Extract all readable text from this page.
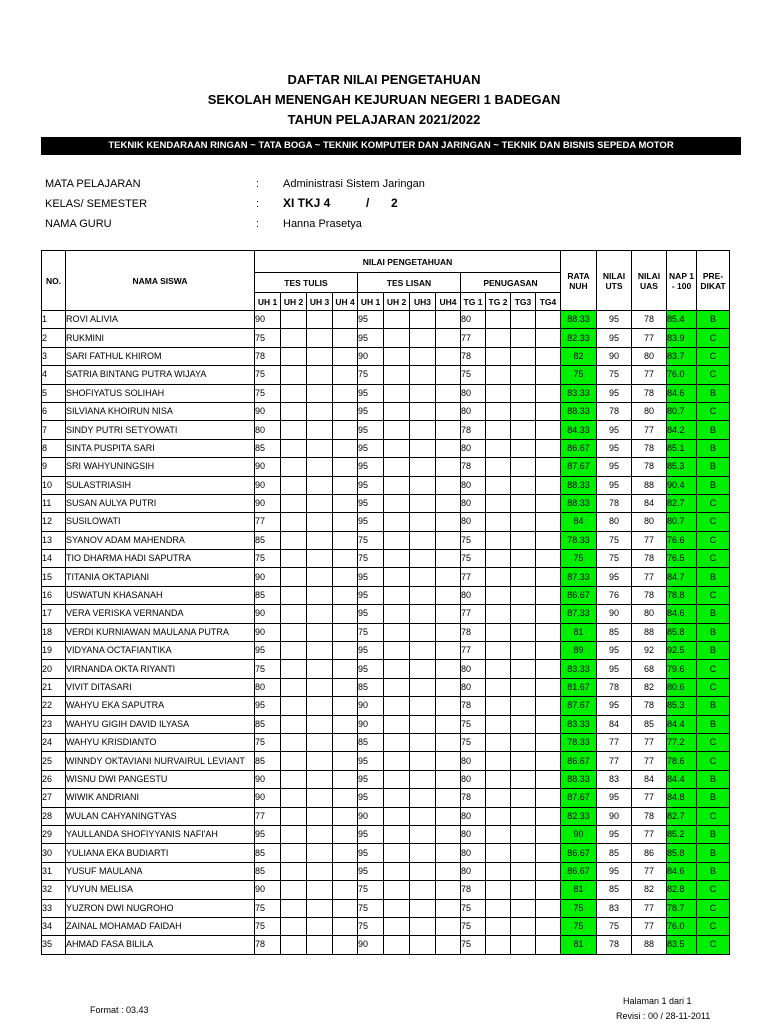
DAFTAR NILAI PENGETAHUAN
SEKOLAH MENENGAH KEJURUAN NEGERI 1 BADEGAN
TAHUN PELAJARAN 2021/2022
TEKNIK KENDARAAN RINGAN ~ TATA BOGA ~ TEKNIK KOMPUTER DAN JARINGAN ~ TEKNIK DAN BISNIS SEPEDA MOTOR
MATA PELAJARAN	: Administrasi Sistem Jaringan
KELAS/ SEMESTER	: XI TKJ 4	/ 2
NAMA GURU	: Hanna Prasetya
NO.	NAMA SISWA	NILAI PENGETAHUAN												RATA NUH	NILAI UTS	NILAI UAS	NAP 1 - 100	PRE- DIKAT
		TES TULIS				TES LISAN				PENUGASAN								
		UH 1	UH 2	UH 3	UH 4	UH 1	UH 2	UH3	UH4	TG 1	TG 2	TG3	TG4					
1	ROVI ALIVIA	90				95				80				88.33	95	78	85.4	B
2	RUKMINI	75				95				77				82.33	95	77	83.9	C
3	SARI FATHUL KHIROM	78				90				78				82	90	80	83.7	C
4	SATRIA BINTANG PUTRA WIJAYA	75				75				75				75	75	77	76.0	C
5	SHOFIYATUS SOLIHAH	75				95				80				83.33	95	78	84.6	B
6	SILVIANA KHOIRUN NISA	90				95				80				88.33	78	80	80.7	C
7	SINDY PUTRI SETYOWATI	80				95				78				84.33	95	77	84.2	B
8	SINTA PUSPITA SARI	85				95				80				86.67	95	78	85.1	B
9	SRI WAHYUNINGSIH	90				95				78				87.67	95	78	85.3	B
10	SULASTRIASIH	90				95				80				88.33	95	88	90.4	B
11	SUSAN AULYA PUTRI	90				95				80				88.33	78	84	82.7	C
12	SUSILOWATI	77				95				80				84	80	80	80.7	C
13	SYANOV ADAM MAHENDRA	85				75				75				78.33	75	77	76.6	C
14	TIO DHARMA HADI SAPUTRA	75				75				75				75	75	78	76.5	C
15	TITANIA OKTAPIANI	90				95				77				87.33	95	77	84.7	B
16	USWATUN KHASANAH	85				95				80				86.67	76	78	78.8	C
17	VERA VERISKA VERNANDA	90				95				77				87.33	90	80	84.6	B
18	VERDI KURNIAWAN MAULANA PUTRA	90				75				78				81	85	88	85.8	B
19	VIDYANA OCTAFIANTIKA	95				95				77				89	95	92	92.5	B
20	VIRNANDA OKTA RIYANTI	75				95				80				83.33	95	68	79.6	C
21	VIVIT DITASARI	80				85				80				81.67	78	82	80.6	C
22	WAHYU EKA SAPUTRA	95				90				78				87.67	95	78	85.3	B
23	WAHYU GIGIH DAVID ILYASA	85				90				75				83.33	84	85	84.4	B
24	WAHYU KRISDIANTO	75				85				75				78.33	77	77	77.2	C
25	WINNDY OKTAVIANI NURVAIRUL LEVIANT	85				95				80				86.67	77	77	78.6	C
26	WISNU DWI PANGESTU	90				95				80				88.33	83	84	84.4	B
27	WIWIK ANDRIANI	90				95				78				87.67	95	77	84.8	B
28	WULAN CAHYANINGTYAS	77				90				80				82.33	90	78	82.7	C
29	YAULLANDA SHOFIYYANIS NAFI'AH	95				95				80				90	95	77	85.2	B
30	YULIANA EKA BUDIARTI	85				95				80				86.67	85	86	85.8	B
31	YUSUF MAULANA	85				95				80				86.67	95	77	84.6	B
32	YUYUN MELISA	90				75				78				81	85	82	82.8	C
33	YUZRON DWI NUGROHO	75				75				75				75	83	77	78.7	C
34	ZAINAL MOHAMAD FAIDAH	75				75				75				75	75	77	76.0	C
35	AHMAD FASA BILILA	78				90				75				81	78	88	83.5	C
Format : 03.43
Halaman 1 dari 1
Revisi : 00 / 28-11-2011
